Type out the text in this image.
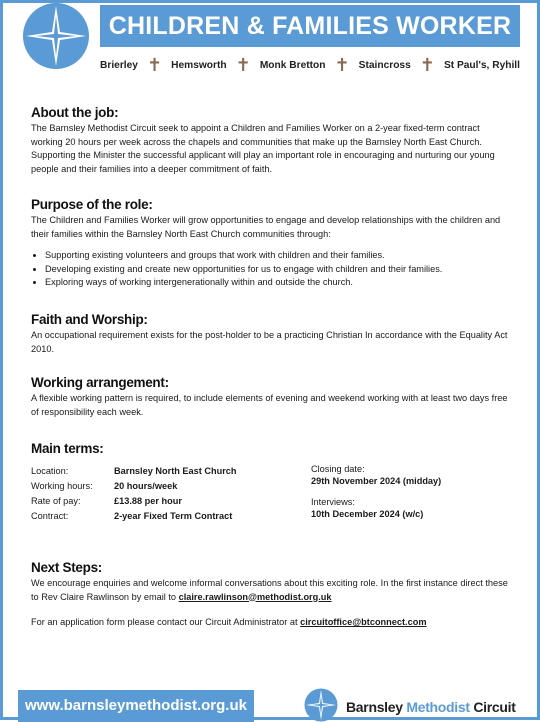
CHILDREN & FAMILIES WORKER
Brierley ✝ Hemsworth ✝ Monk Bretton ✝ Staincross ✝ St Paul's, Ryhill
About the job:

The Barnsley Methodist Circuit seek to appoint a Children and Families Worker on a 2-year fixed-term contract working 20 hours per week across the chapels and communities that make up the Barnsley North East Church. Supporting the Minister the successful applicant will play an important role in encouraging and nurturing our young people and their families into a deeper commitment of faith.

Purpose of the role:

The Children and Families Worker will grow opportunities to engage and develop relationships with the children and their families within the Barnsley North East Church communities through:

• Supporting existing volunteers and groups that work with children and their families.
• Developing existing and create new opportunities for us to engage with children and their families.
• Exploring ways of working intergenerationally within and outside the church.
Faith and Worship:

An occupational requirement exists for the post-holder to be a practicing Christian In accordance with the Equality Act 2010.

Working arrangement:

A flexible working pattern is required, to include elements of evening and weekend working with at least two days free of responsibility each week.

Main terms:
Location:	Barnsley North East Church
Working hours:	20 hours/week
Rate of pay:	£13.88 per hour
Contract:	2-year Fixed Term Contract
Closing date:
29th November 2024 (midday)
Interviews:
10th December 2024 (w/c)
Next Steps:

We encourage enquiries and welcome informal conversations about this exciting role. In the first instance direct these to Rev Claire Rawlinson by email to claire.rawlinson@methodist.org.uk

For an application form please contact our Circuit Administrator at circuitoffice@btconnect.com

www.barnsleymethodist.org.uk	Barnsley Methodist Circuit
